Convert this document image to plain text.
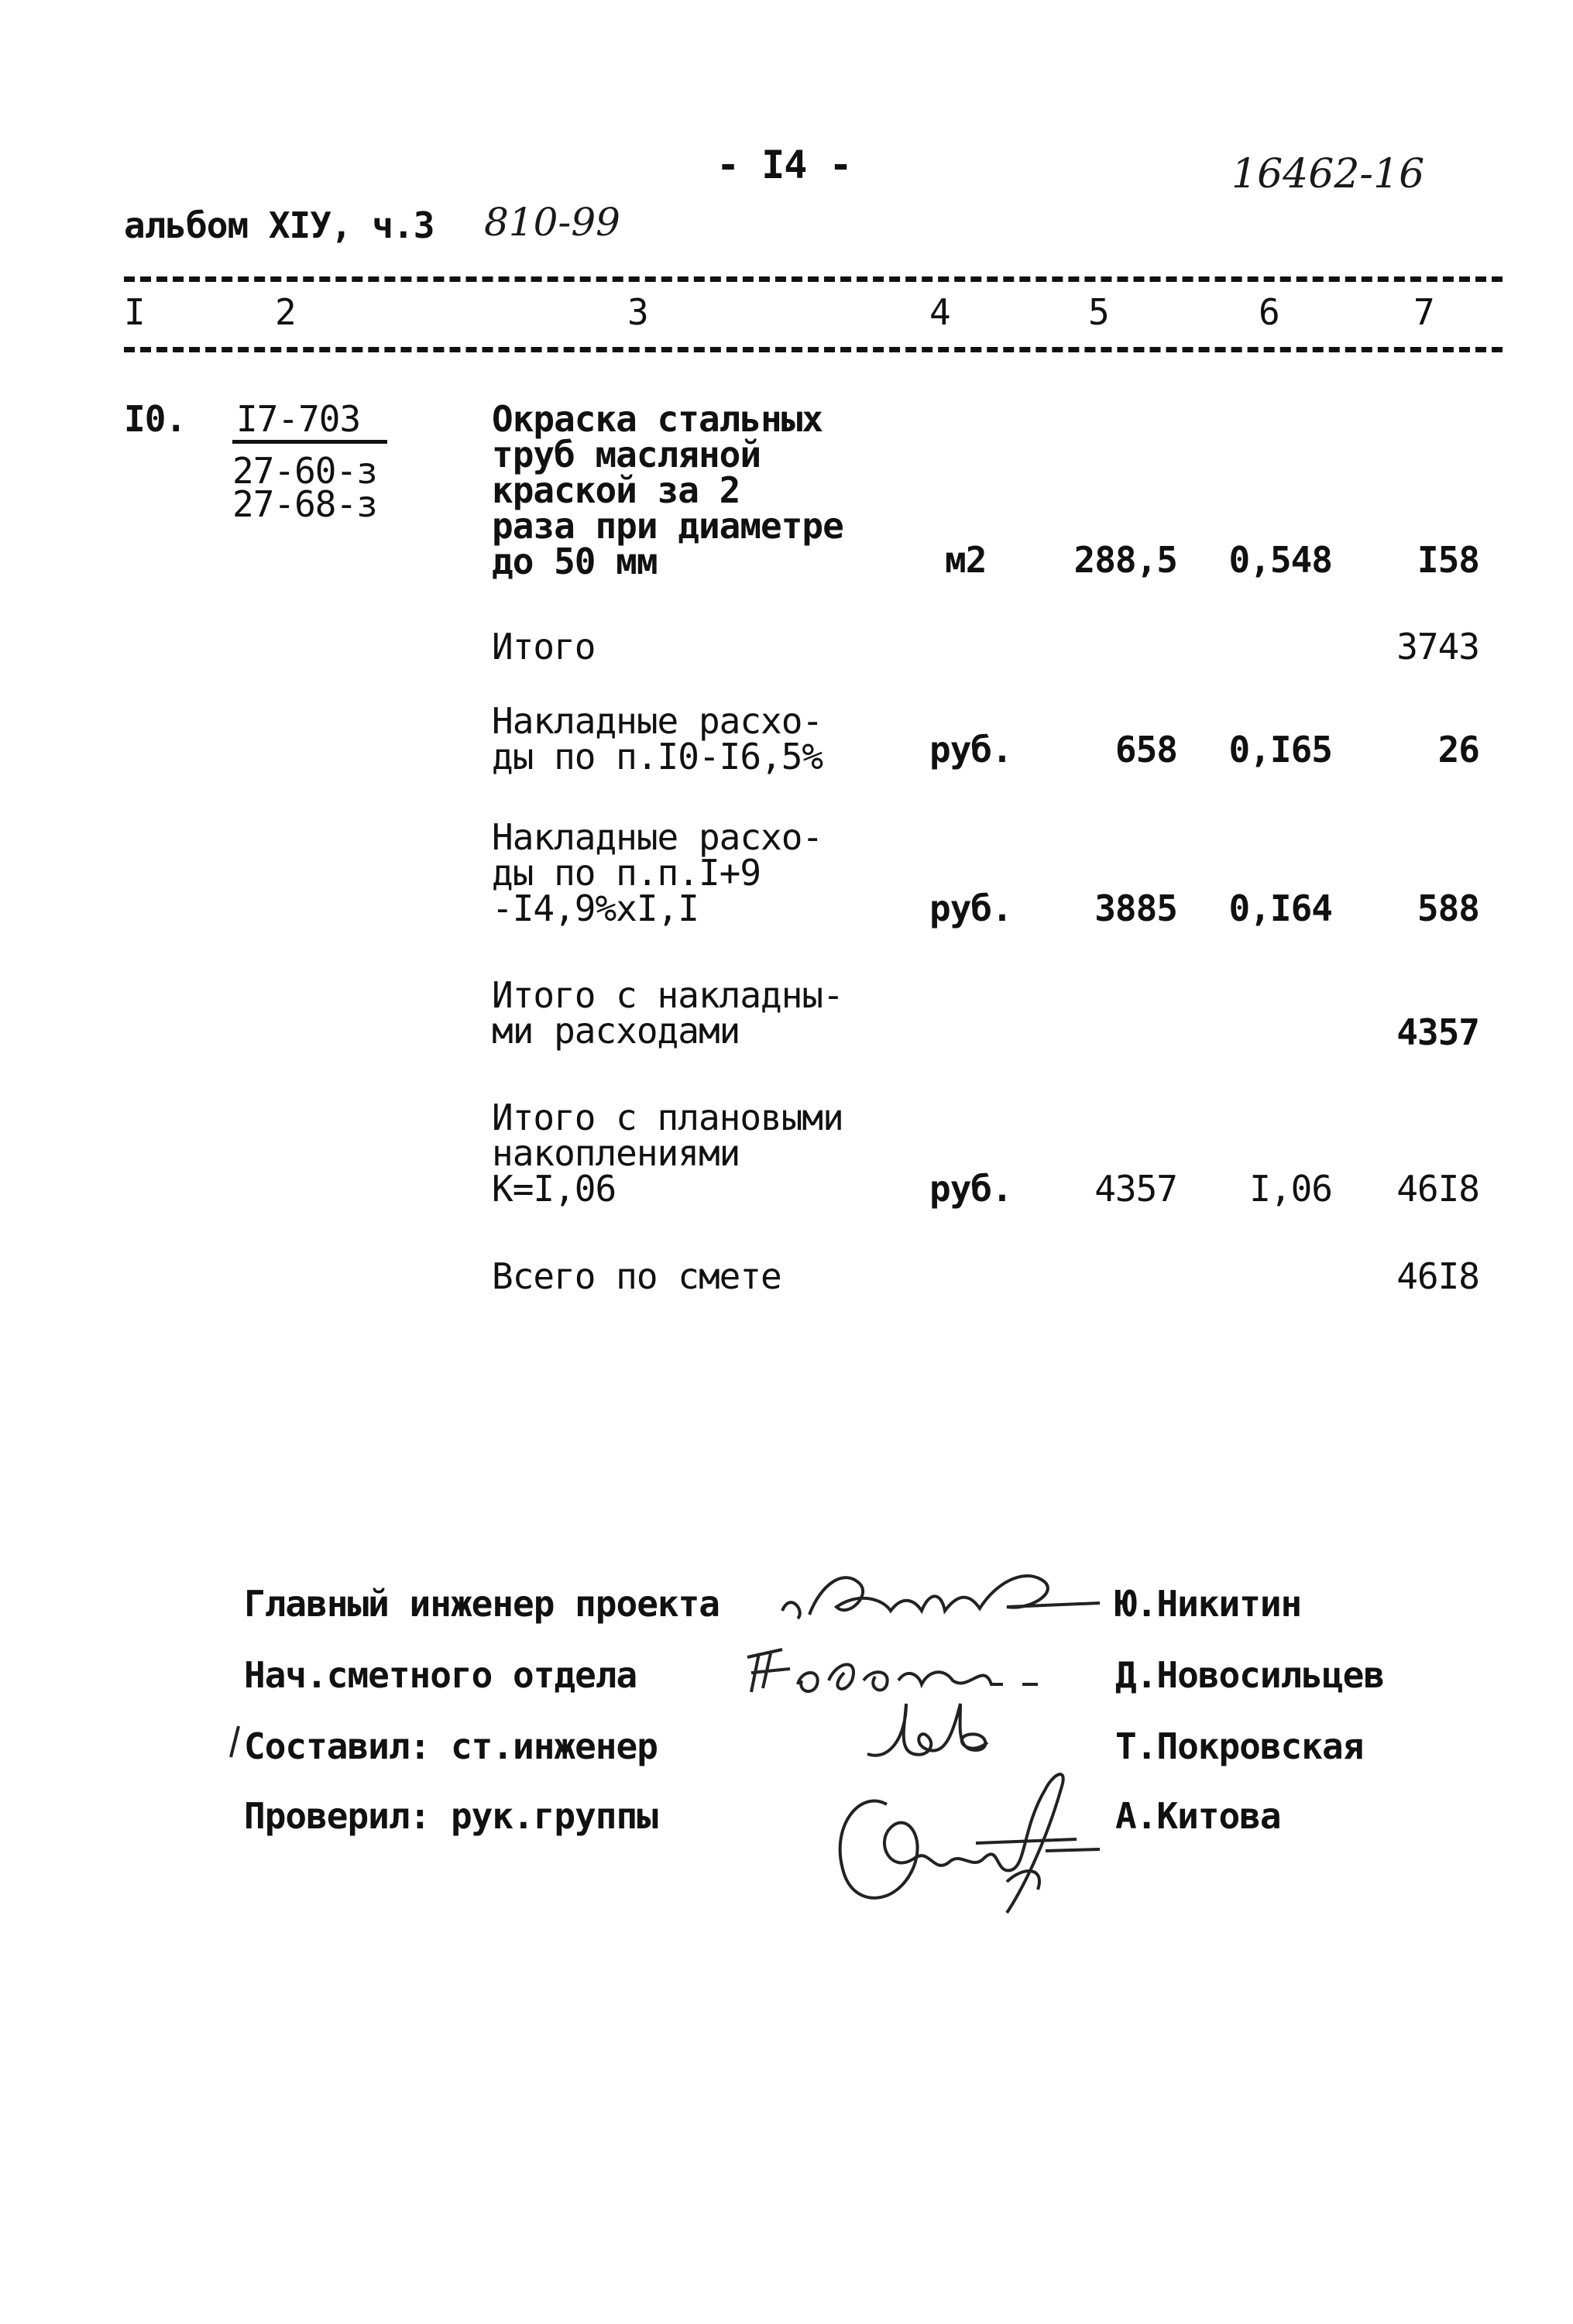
- I4 -	16462-16
альбом XIУ, ч.3 810-99
I	2	3	4	5	6	7
I0. I7-703
27-60-з
27-68-з
Окраска стальных
труб масляной
краской за 2
раза при диаметре
до 50 мм	м2	288,5	0,548	I58
Итого	3743
Накладные расхо-
ды по п.I0-I6,5%	руб.	658	0,I65	26
Накладные расхо-
ды по п.п.I+9
-I4,9%xI,I	руб.	3885	0,I64	588
Итого с накладны-
ми расходами	4357
Итого с плановыми
накоплениями
К=I,06	руб.	4357	I,06	46I8
Всего по смете	46I8
Главный инженер проекта	Ю.Никитин
Нач.сметного отдела	Д.Новосильцев
Составил: ст.инженер	Т.Покровская
Проверил: рук.группы	А.Китова
